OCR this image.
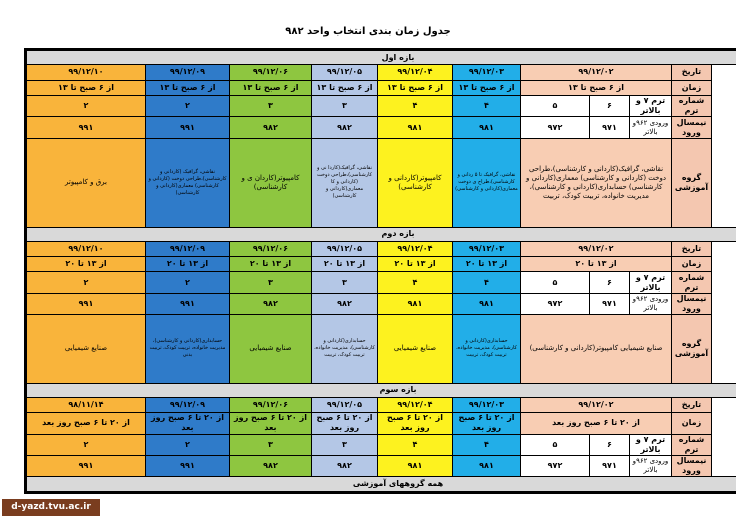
جدول زمان بندی انتخاب واحد ۹۸۲
بازه اول									
۹۹/۱۲/۱۰	۹۹/۱۲/۰۹	۹۹/۱۲/۰۶	۹۹/۱۲/۰۵	۹۹/۱۲/۰۴	۹۹/۱۲/۰۳	۹۹/۱۲/۰۲			تاریخ
از ۶ صبح تا ۱۳	از ۶ صبح تا ۱۳	از ۶ صبح تا ۱۳	از ۶ صبح تا ۱۳	از ۶ صبح تا ۱۳	از ۶ صبح تا ۱۳	از ۶ صبح تا ۱۳			زمان
۲	۲	۳	۳	۴	۴	۵	۶	ترم ۷ و بالاتر	شماره ترم
۹۹۱	۹۹۱	۹۸۲	۹۸۲	۹۸۱	۹۸۱	۹۷۲	۹۷۱	ورودی ۹۶۲و بالاتر	نیمسال ورود
برق و کامپیوتر	نقاشی، گرافیک (کاردانی و کارشناسی)،طراحی دوخت (کاردانی و کارشناسی) معماری(کاردانی و کارشناسی)	کامپیوتر(کاردان ی و کارشناسی)	نقاشی، گرافیک(کاردا نی و کارشناسی)،طراحی دوخت (کاردانی و کا معماری(کاردانی و کارشناسی)	کامپیوتر(کاردانی و کارشناسی)	نقاشی، گرافیک تا ۵ ردانی و کارشناسی)،طراح ی دوخت معماری(کاردانی و کارشناسی)	نقاشی، گرافیک(کاردانی و کارشناسی)،طراحی دوخت (کاردانی و کارشناسی) معماری(کاردانی و کارشناسی) حسابداری(کاردانی و کارشناسی)، مدیریت خانواده، تربیت کودک، تربیت			گروه آموزشی
بازه دوم									
۹۹/۱۲/۱۰	۹۹/۱۲/۰۹	۹۹/۱۲/۰۶	۹۹/۱۲/۰۵	۹۹/۱۲/۰۴	۹۹/۱۲/۰۳	۹۹/۱۲/۰۲			تاریخ
از ۱۳ تا ۲۰	از ۱۳ تا ۲۰	از ۱۳ تا ۲۰	از ۱۳ تا ۲۰	از ۱۳ تا ۲۰	از ۱۳ تا ۲۰	از ۱۳ تا ۲۰			زمان
۲	۲	۳	۳	۴	۴	۵	۶	ترم ۷ و بالاتر	شماره ترم
۹۹۱	۹۹۱	۹۸۲	۹۸۲	۹۸۱	۹۸۱	۹۷۲	۹۷۱	ورودی ۹۶۲و بالاتر	نیمسال ورود
صنایع شیمیایی	حسابداری(کاردانی و کارشناسی)، مدیریت خانواده، تربیت کودک، تربیت بدنی	صنایع شیمیایی	حسابداری(کاردانی و کارشناسی)، مدیریت خانواده، تربیت کودک، تربیت	صنایع شیمیایی	حسابداری(کاردانی و کارشناسی)، مدیریت خانواده، تربیت کودک، تربیت	صنایع شیمیایی کامپیوتر(کاردانی و کارشناسی)			گروه آموزشی
بازه سوم									
۹۸/۱۱/۱۴	۹۹/۱۲/۰۹	۹۹/۱۲/۰۶	۹۹/۱۲/۰۵	۹۹/۱۲/۰۴	۹۹/۱۲/۰۳	۹۹/۱۲/۰۲			تاریخ
از ۲۰ تا ۶ صبح روز بعد	از ۲۰ تا ۶ صبح روز بعد	از ۲۰ تا ۶ صبح روز بعد	از ۲۰ تا ۶ صبح روز بعد	از ۲۰ تا ۶ صبح روز بعد	از ۲۰ تا ۶ صبح روز بعد	از ۲۰ تا ۶ صبح روز بعد			زمان
۲	۲	۳	۳	۴	۴	۵	۶	ترم ۷ و بالاتر	شماره ترم
۹۹۱	۹۹۱	۹۸۲	۹۸۲	۹۸۱	۹۸۱	۹۷۲	۹۷۱	ورودی ۹۶۲و بالاتر	نیمسال ورود
همه گروههای آموزشی									
d-yazd.tvu.ac.ir
